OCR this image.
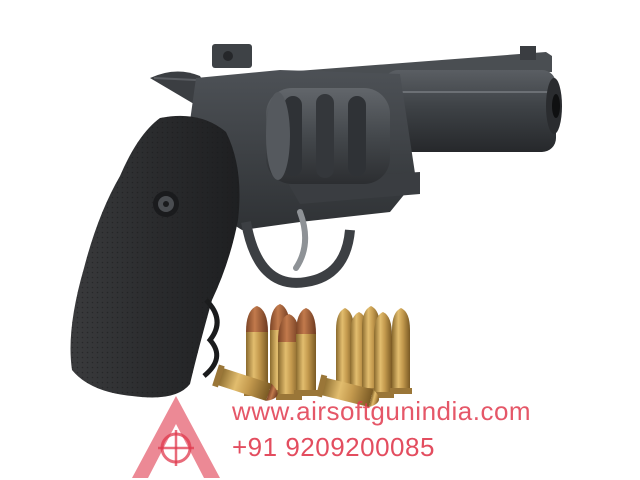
www.airsoftgunindia.com
+91 9209200085
